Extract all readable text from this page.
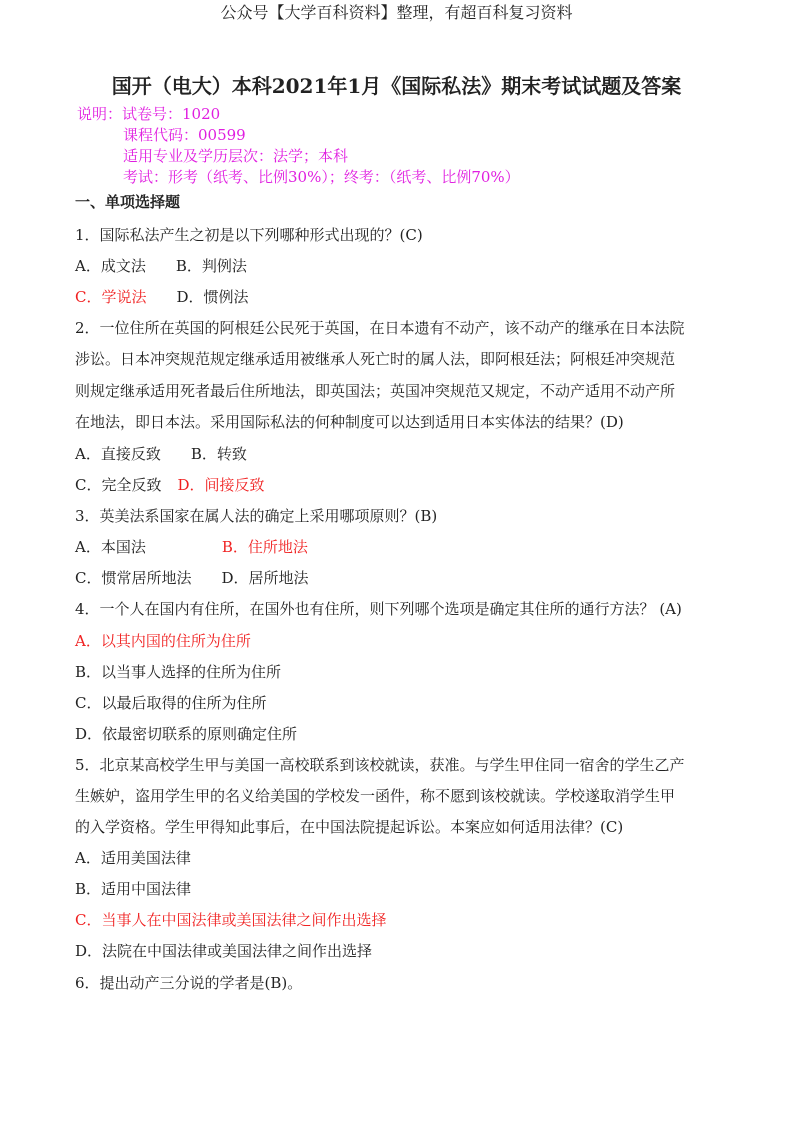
公众号【大学百科资料】整理，有超百科复习资料
国开（电大）本科2021年1月《国际私法》期末考试试题及答案
说明：试卷号：1020
课程代码：00599
适用专业及学历层次：法学；本科
考试：形考（纸考、比例30%）；终考：（纸考、比例70%）
一、单项选择题
1．国际私法产生之初是以下列哪种形式出现的？(C)
A．成文法 B．判例法
C．学说法 D．惯例法
2．一位住所在英国的阿根廷公民死于英国，在日本遗有不动产，该不动产的继承在日本法院
涉讼。日本冲突规范规定继承适用被继承人死亡时的属人法，即阿根廷法；阿根廷冲突规范
则规定继承适用死者最后住所地法，即英国法；英国冲突规范又规定，不动产适用不动产所
在地法，即日本法。采用国际私法的何种制度可以达到适用日本实体法的结果？(D)
A．直接反致 B．转致
C．完全反致 D．间接反致
3．英美法系国家在属人法的确定上采用哪项原则？(B)
A．本国法	B．住所地法
C．惯常居所地法 D．居所地法
4．一个人在国内有住所，在国外也有住所，则下列哪个选项是确定其住所的通行方法？ (A)
A．以其内国的住所为住所
B．以当事人选择的住所为住所
C．以最后取得的住所为住所
D．依最密切联系的原则确定住所
5．北京某高校学生甲与美国一高校联系到该校就读，获准。与学生甲住同一宿舍的学生乙产
生嫉妒，盗用学生甲的名义给美国的学校发一函件，称不愿到该校就读。学校遂取消学生甲
的入学资格。学生甲得知此事后，在中国法院提起诉讼。本案应如何适用法律？(C)
A．适用美国法律
B．适用中国法律
C．当事人在中国法律或美国法律之间作出选择
D．法院在中国法律或美国法律之间作出选择
6．提出动产三分说的学者是(B)。
